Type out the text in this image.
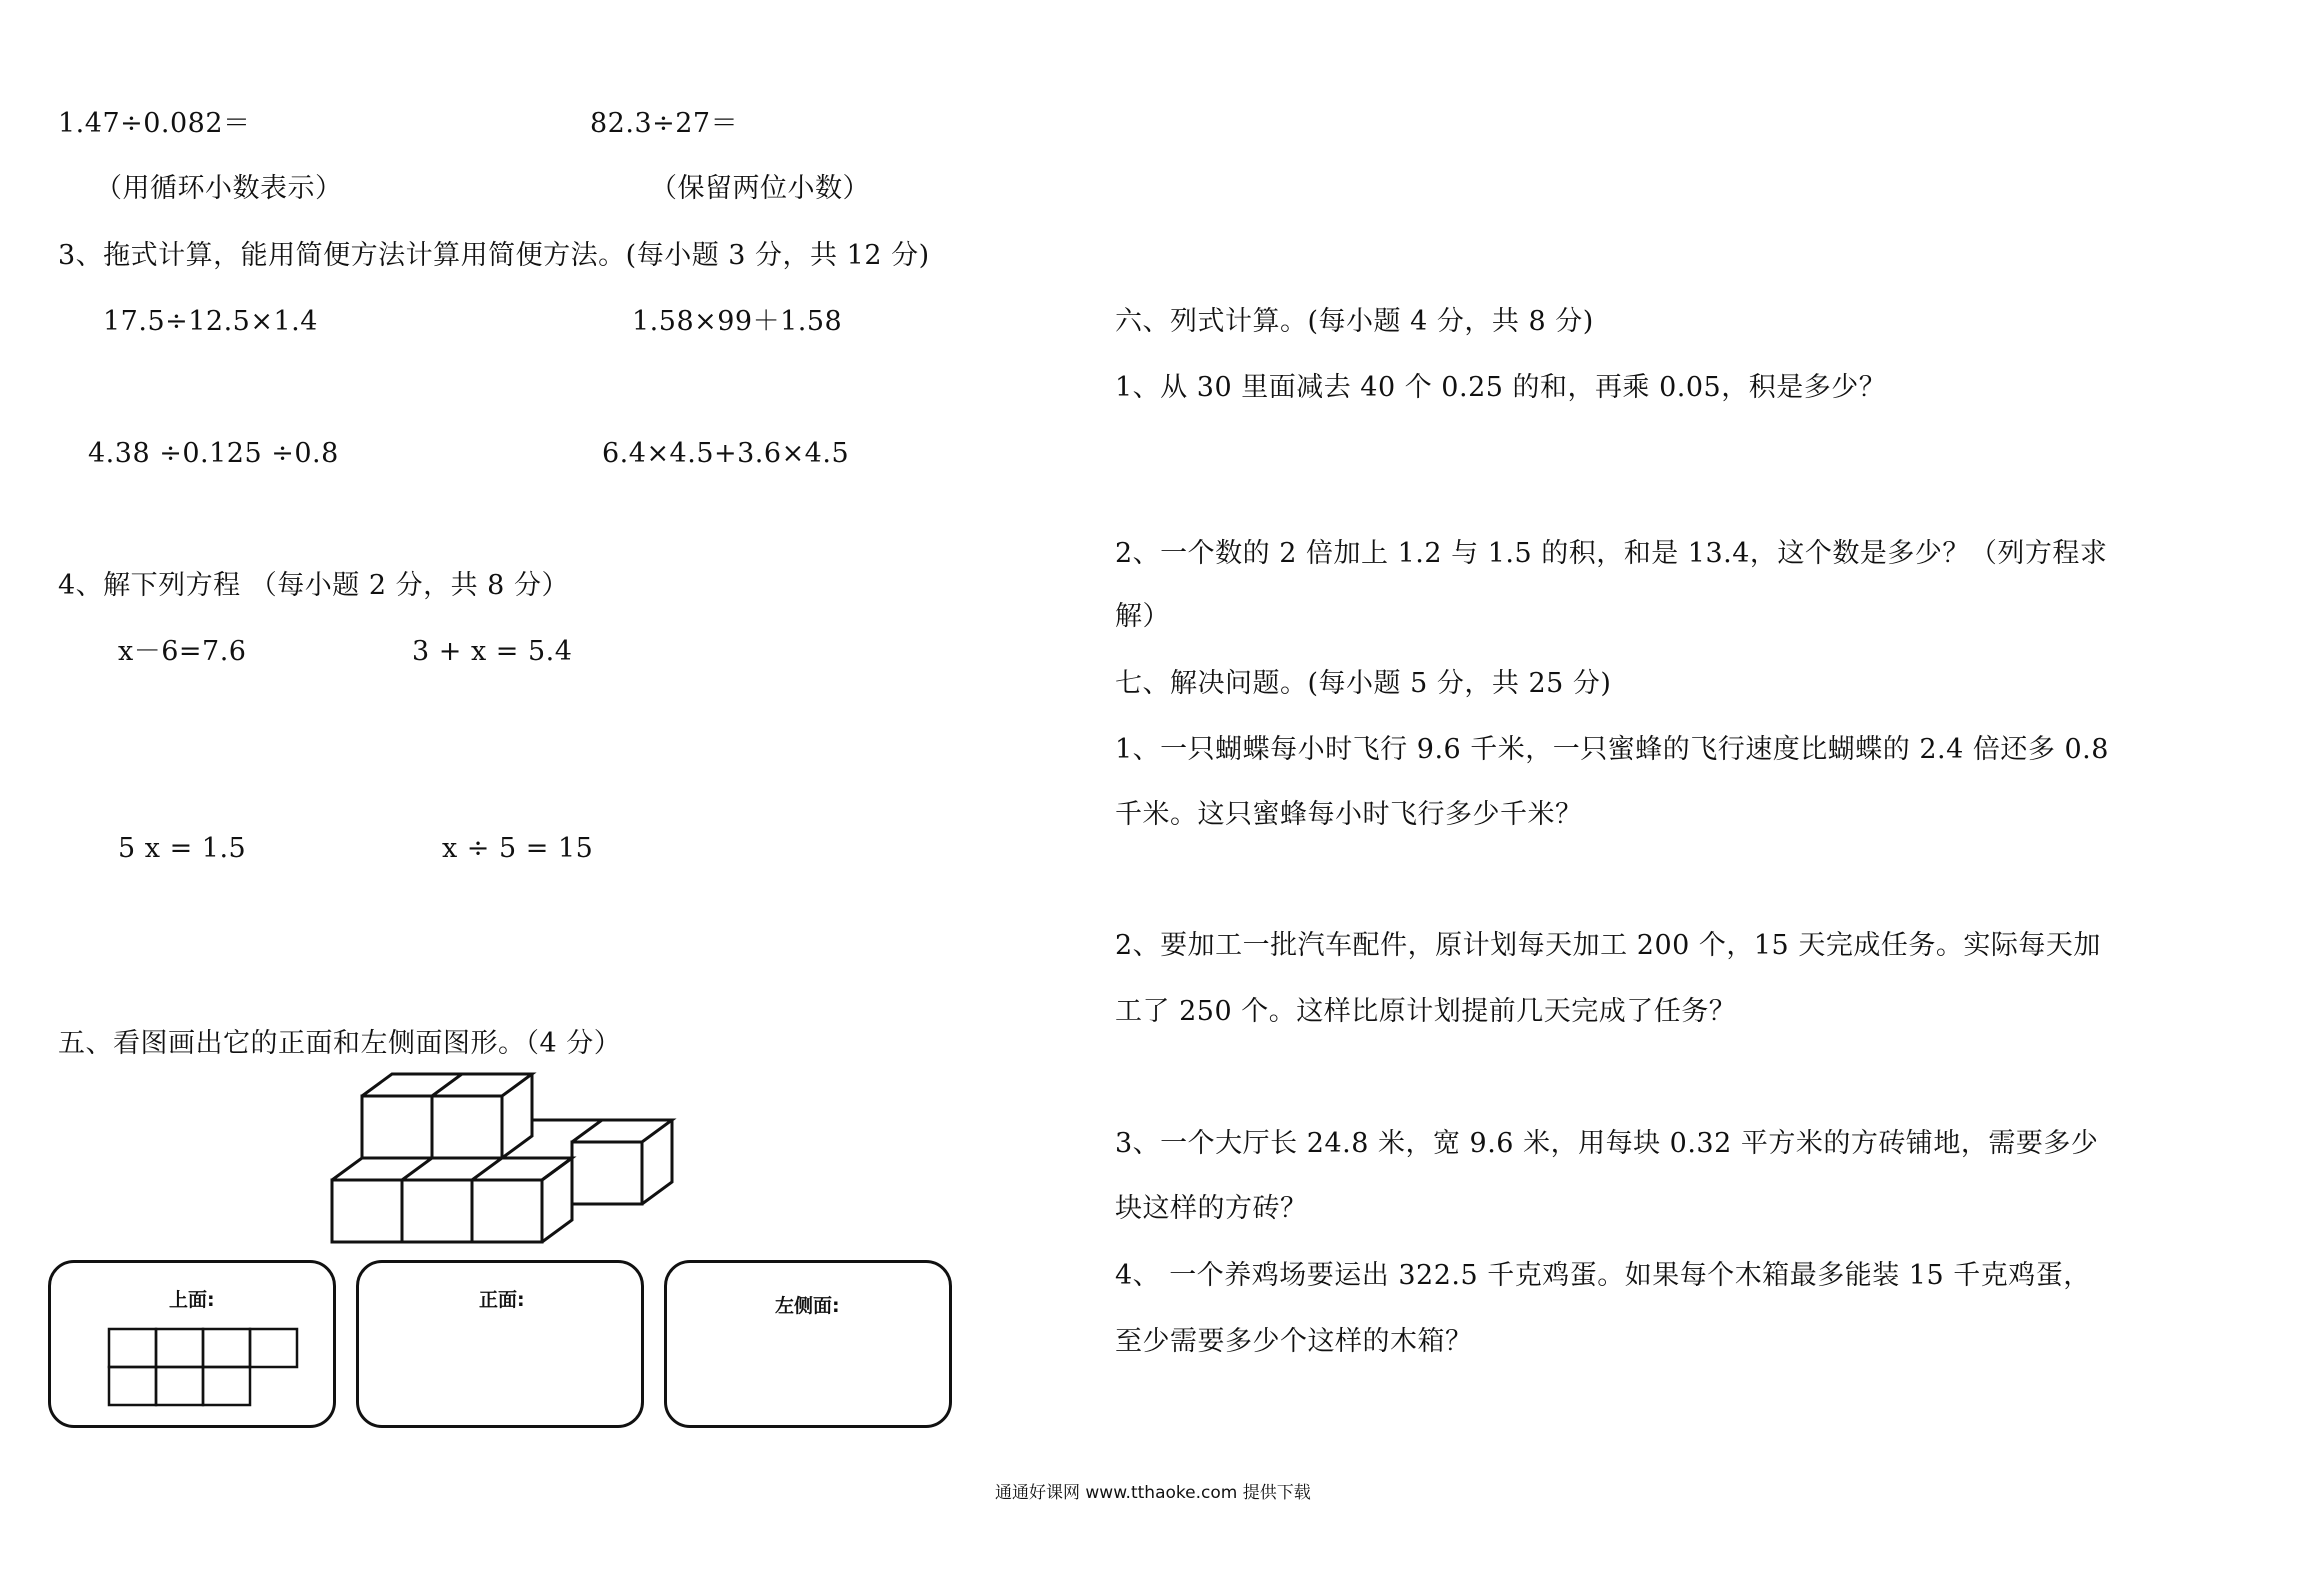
1.47÷0.082＝	82.3÷27＝
（用循环小数表示）	（保留两位小数）
3、拖式计算，能用简便方法计算用简便方法。(每小题 3 分，共 12 分)
17.5÷12.5×1.4	1.58×99＋1.58
4.38 ÷0.125 ÷0.8	6.4×4.5+3.6×4.5
4、解下列方程 （每小题 2 分，共 8 分）
x－6=7.6	3 + x = 5.4
5 x = 1.5	x ÷ 5 = 15
五、看图画出它的正面和左侧面图形。（4 分）
上面:	正面:	左侧面:
六、列式计算。(每小题 4 分，共 8 分)
1、从 30 里面减去 40 个 0.25 的和，再乘 0.05，积是多少？
2、一个数的 2 倍加上 1.2 与 1.5 的积，和是 13.4，这个数是多少？（列方程求
解）
七、解决问题。(每小题 5 分，共 25 分)
1、一只蝴蝶每小时飞行 9.6 千米，一只蜜蜂的飞行速度比蝴蝶的 2.4 倍还多 0.8
千米。这只蜜蜂每小时飞行多少千米？
2、要加工一批汽车配件，原计划每天加工 200 个，15 天完成任务。实际每天加
工了 250 个。这样比原计划提前几天完成了任务？
3、一个大厅长 24.8 米，宽 9.6 米，用每块 0.32 平方米的方砖铺地，需要多少
块这样的方砖？
4、 一个养鸡场要运出 322.5 千克鸡蛋。如果每个木箱最多能装 15 千克鸡蛋，
至少需要多少个这样的木箱？
通通好课网 www.tthaoke.com 提供下载
